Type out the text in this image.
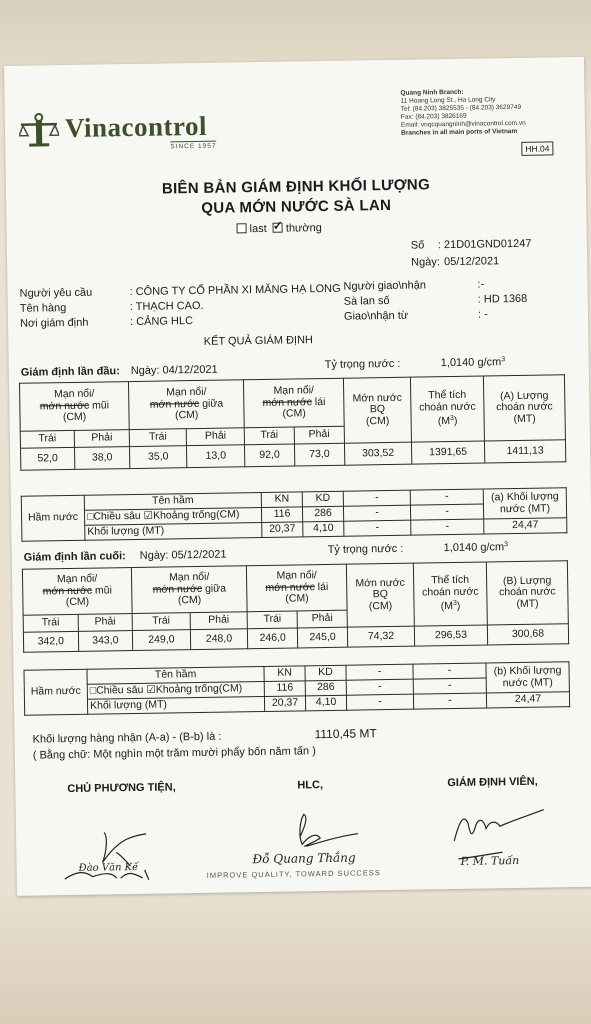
Vinacontrol
SINCE 1957
Quang Ninh Branch:
11 Hoang Long St., Ha Long City
Tel: (84.203) 3825535 - (84.203) 3629749
Fax: (84.203) 3826169
Email: vnqcquangninh@vinacontrol.com.vn
Branches in all main ports of Vietnam
HH.04
BIÊN BẢN GIÁM ĐỊNH KHỐI LƯỢNG
QUA MỚN NƯỚC SÀ LAN
last ✓ thường
Số : 21D01GND01247
Ngày: 05/12/2021
Người yêu cầu	: CÔNG TY CỔ PHẦN XI MĂNG HẠ LONG
Tên hàng	: THẠCH CAO.
Nơi giám định	: CẢNG HLC
Người giao\nhận	:-
Sà lan số	: HD 1368
Giao\nhận từ	: -
KẾT QUẢ GIÁM ĐỊNH
Giám định lần đầu: Ngày: 04/12/2021	Tỷ trọng nước :	1,0140 $g/cm^3$
Mạn nổi/
mớn nước mũi
(CM)		Mạn nổi/
mớn nước giữa
(CM)		Mạn nổi/
mớn nước lái
(CM)		Mớn nước BQ
(CM)	Thể tích choán nước
$(M^3)$	(A) Lượng choán nước
(MT)
Trái	Phải	Trái	Phải	Trái	Phải			
52,0	38,0	35,0	13,0	92,0	73,0	303,52	1391,65	1411,13
Hầm nước	Tên hầm	KN	KD	-	-	(a) Khối lượng nước (MT)
	□Chiều sâu ☑Khoảng trống(CM)	116	286	-	-	
	Khối lượng (MT)	20,37	4,10	-	-	24,47
Giám định lần cuối: Ngày: 05/12/2021	Tỷ trọng nước :	1,0140 $g/cm^3$
Mạn nổi/
mớn nước mũi
(CM)		Mạn nổi/
mớn nước giữa
(CM)		Mạn nổi/
mớn nước lái
(CM)		Mớn nước BQ
(CM)	Thể tích choán nước
$(M^3)$	(B) Lượng choán nước
(MT)
Trái	Phải	Trái	Phải	Trái	Phải			
342,0	343,0	249,0	248,0	246,0	245,0	74,32	296,53	300,68
Hầm nước	Tên hầm	KN	KD	-	-	(b) Khối lượng nước (MT)
	□Chiều sâu ☑Khoảng trống(CM)	116	286	-	-	
	Khối lượng (MT)	20,37	4,10	-	-	24,47
Khối lượng hàng nhận (A-a) - (B-b) là :	1110,45 MT
( Bằng chữ: Một nghìn một trăm mười phẩy bốn năm tấn )
CHỦ PHƯƠNG TIỆN,	HLC,	GIÁM ĐỊNH VIÊN,
Đào Văn Kế
Đỗ Quang Thắng	P. M. Tuấn
IMPROVE QUALITY, TOWARD SUCCESS
